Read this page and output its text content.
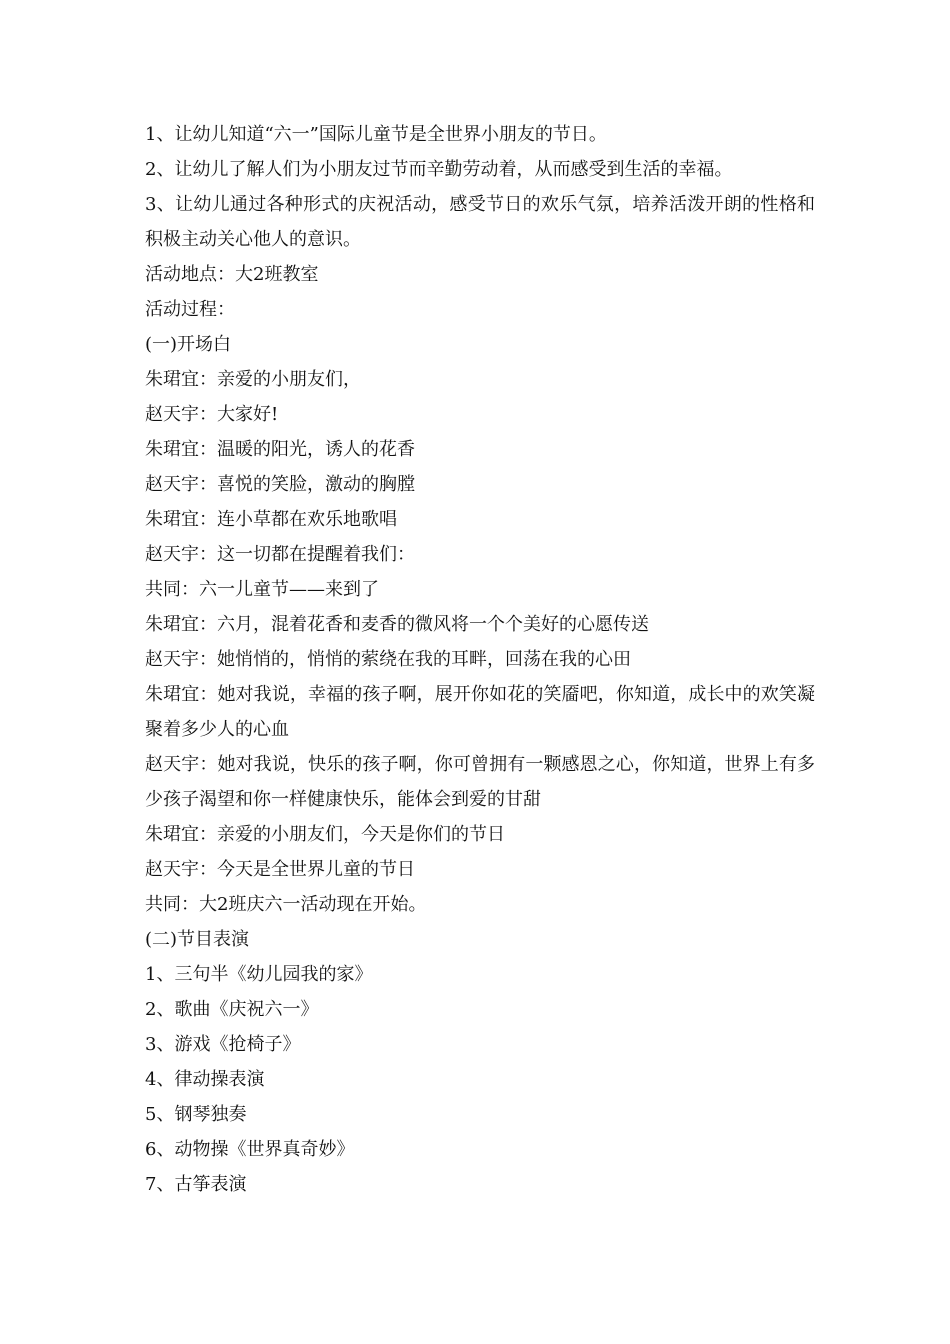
1、让幼儿知道“六一”国际儿童节是全世界小朋友的节日。

2、让幼儿了解人们为小朋友过节而辛勤劳动着，从而感受到生活的幸福。

3、让幼儿通过各种形式的庆祝活动，感受节日的欢乐气氛，培养活泼开朗的性格和积极主动关心他人的意识。

活动地点：大2班教室

活动过程：

(一)开场白

朱珺宜：亲爱的小朋友们，

赵天宇：大家好!

朱珺宜：温暖的阳光，诱人的花香

赵天宇：喜悦的笑脸，激动的胸膛

朱珺宜：连小草都在欢乐地歌唱

赵天宇：这一切都在提醒着我们：

共同：六一儿童节——来到了

朱珺宜：六月，混着花香和麦香的微风将一个个美好的心愿传送

赵天宇：她悄悄的，悄悄的萦绕在我的耳畔，回荡在我的心田

朱珺宜：她对我说，幸福的孩子啊，展开你如花的笑靥吧，你知道，成长中的欢笑凝聚着多少人的心血

赵天宇：她对我说，快乐的孩子啊，你可曾拥有一颗感恩之心，你知道，世界上有多少孩子渴望和你一样健康快乐，能体会到爱的甘甜

朱珺宜：亲爱的小朋友们，今天是你们的节日

赵天宇：今天是全世界儿童的节日

共同：大2班庆六一活动现在开始。

(二)节目表演

1、三句半《幼儿园我的家》

2、歌曲《庆祝六一》

3、游戏《抢椅子》

4、律动操表演

5、钢琴独奏

6、动物操《世界真奇妙》

7、古筝表演
